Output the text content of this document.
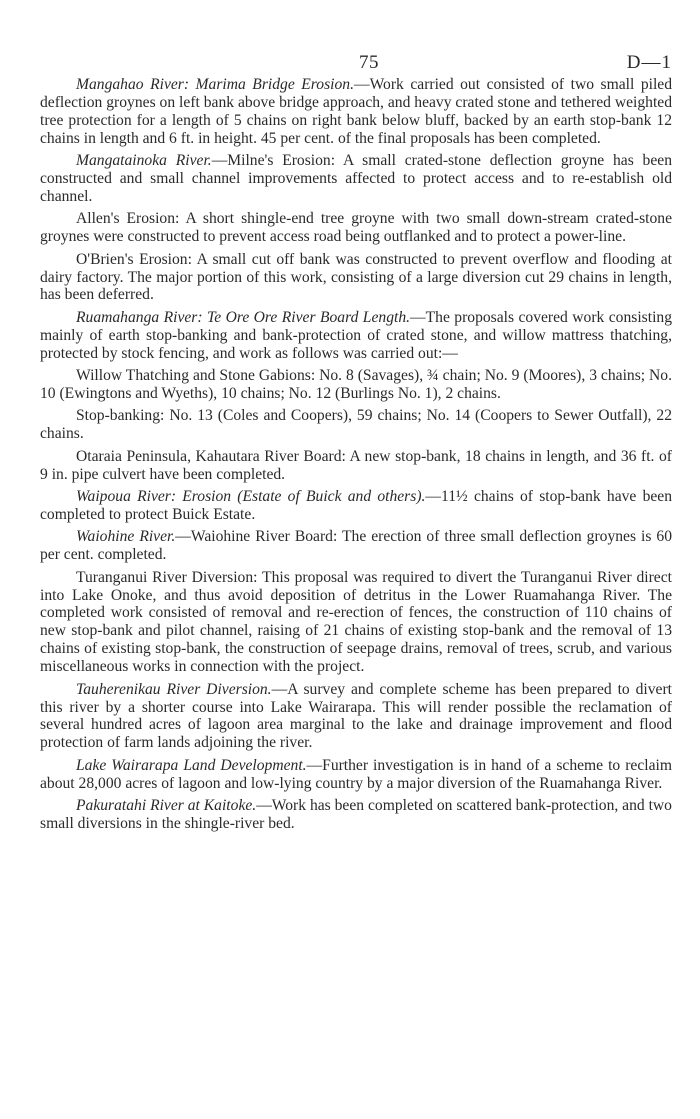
75	D—1

Mangahao River: Marima Bridge Erosion.—Work carried out consisted of two small piled deflection groynes on left bank above bridge approach, and heavy crated stone and tethered weighted tree protection for a length of 5 chains on right bank below bluff, backed by an earth stop-bank 12 chains in length and 6 ft. in height. 45 per cent. of the final proposals has been completed.

Mangatainoka River.—Milne's Erosion: A small crated-stone deflection groyne has been constructed and small channel improvements affected to protect access and to re-establish old channel.

Allen's Erosion: A short shingle-end tree groyne with two small down-stream crated-stone groynes were constructed to prevent access road being outflanked and to protect a power-line.

O'Brien's Erosion: A small cut off bank was constructed to prevent overflow and flooding at dairy factory. The major portion of this work, consisting of a large diversion cut 29 chains in length, has been deferred.

Ruamahanga River: Te Ore Ore River Board Length.—The proposals covered work consisting mainly of earth stop-banking and bank-protection of crated stone, and willow mattress thatching, protected by stock fencing, and work as follows was carried out:—

Willow Thatching and Stone Gabions: No. 8 (Savages), ¾ chain; No. 9 (Moores), 3 chains; No. 10 (Ewingtons and Wyeths), 10 chains; No. 12 (Burlings No. 1), 2 chains.

Stop-banking: No. 13 (Coles and Coopers), 59 chains; No. 14 (Coopers to Sewer Outfall), 22 chains.

Otaraia Peninsula, Kahautara River Board: A new stop-bank, 18 chains in length, and 36 ft. of 9 in. pipe culvert have been completed.

Waipoua River: Erosion (Estate of Buick and others).—11½ chains of stop-bank have been completed to protect Buick Estate.

Waiohine River.—Waiohine River Board: The erection of three small deflection groynes is 60 per cent. completed.

Turanganui River Diversion: This proposal was required to divert the Turanganui River direct into Lake Onoke, and thus avoid deposition of detritus in the Lower Ruamahanga River. The completed work consisted of removal and re-erection of fences, the construction of 110 chains of new stop-bank and pilot channel, raising of 21 chains of existing stop-bank and the removal of 13 chains of existing stop-bank, the construction of seepage drains, removal of trees, scrub, and various miscellaneous works in connection with the project.

Tauherenikau River Diversion.—A survey and complete scheme has been prepared to divert this river by a shorter course into Lake Wairarapa. This will render possible the reclamation of several hundred acres of lagoon area marginal to the lake and drainage improvement and flood protection of farm lands adjoining the river.

Lake Wairarapa Land Development.—Further investigation is in hand of a scheme to reclaim about 28,000 acres of lagoon and low-lying country by a major diversion of the Ruamahanga River.

Pakuratahi River at Kaitoke.—Work has been completed on scattered bank-protection, and two small diversions in the shingle-river bed.
